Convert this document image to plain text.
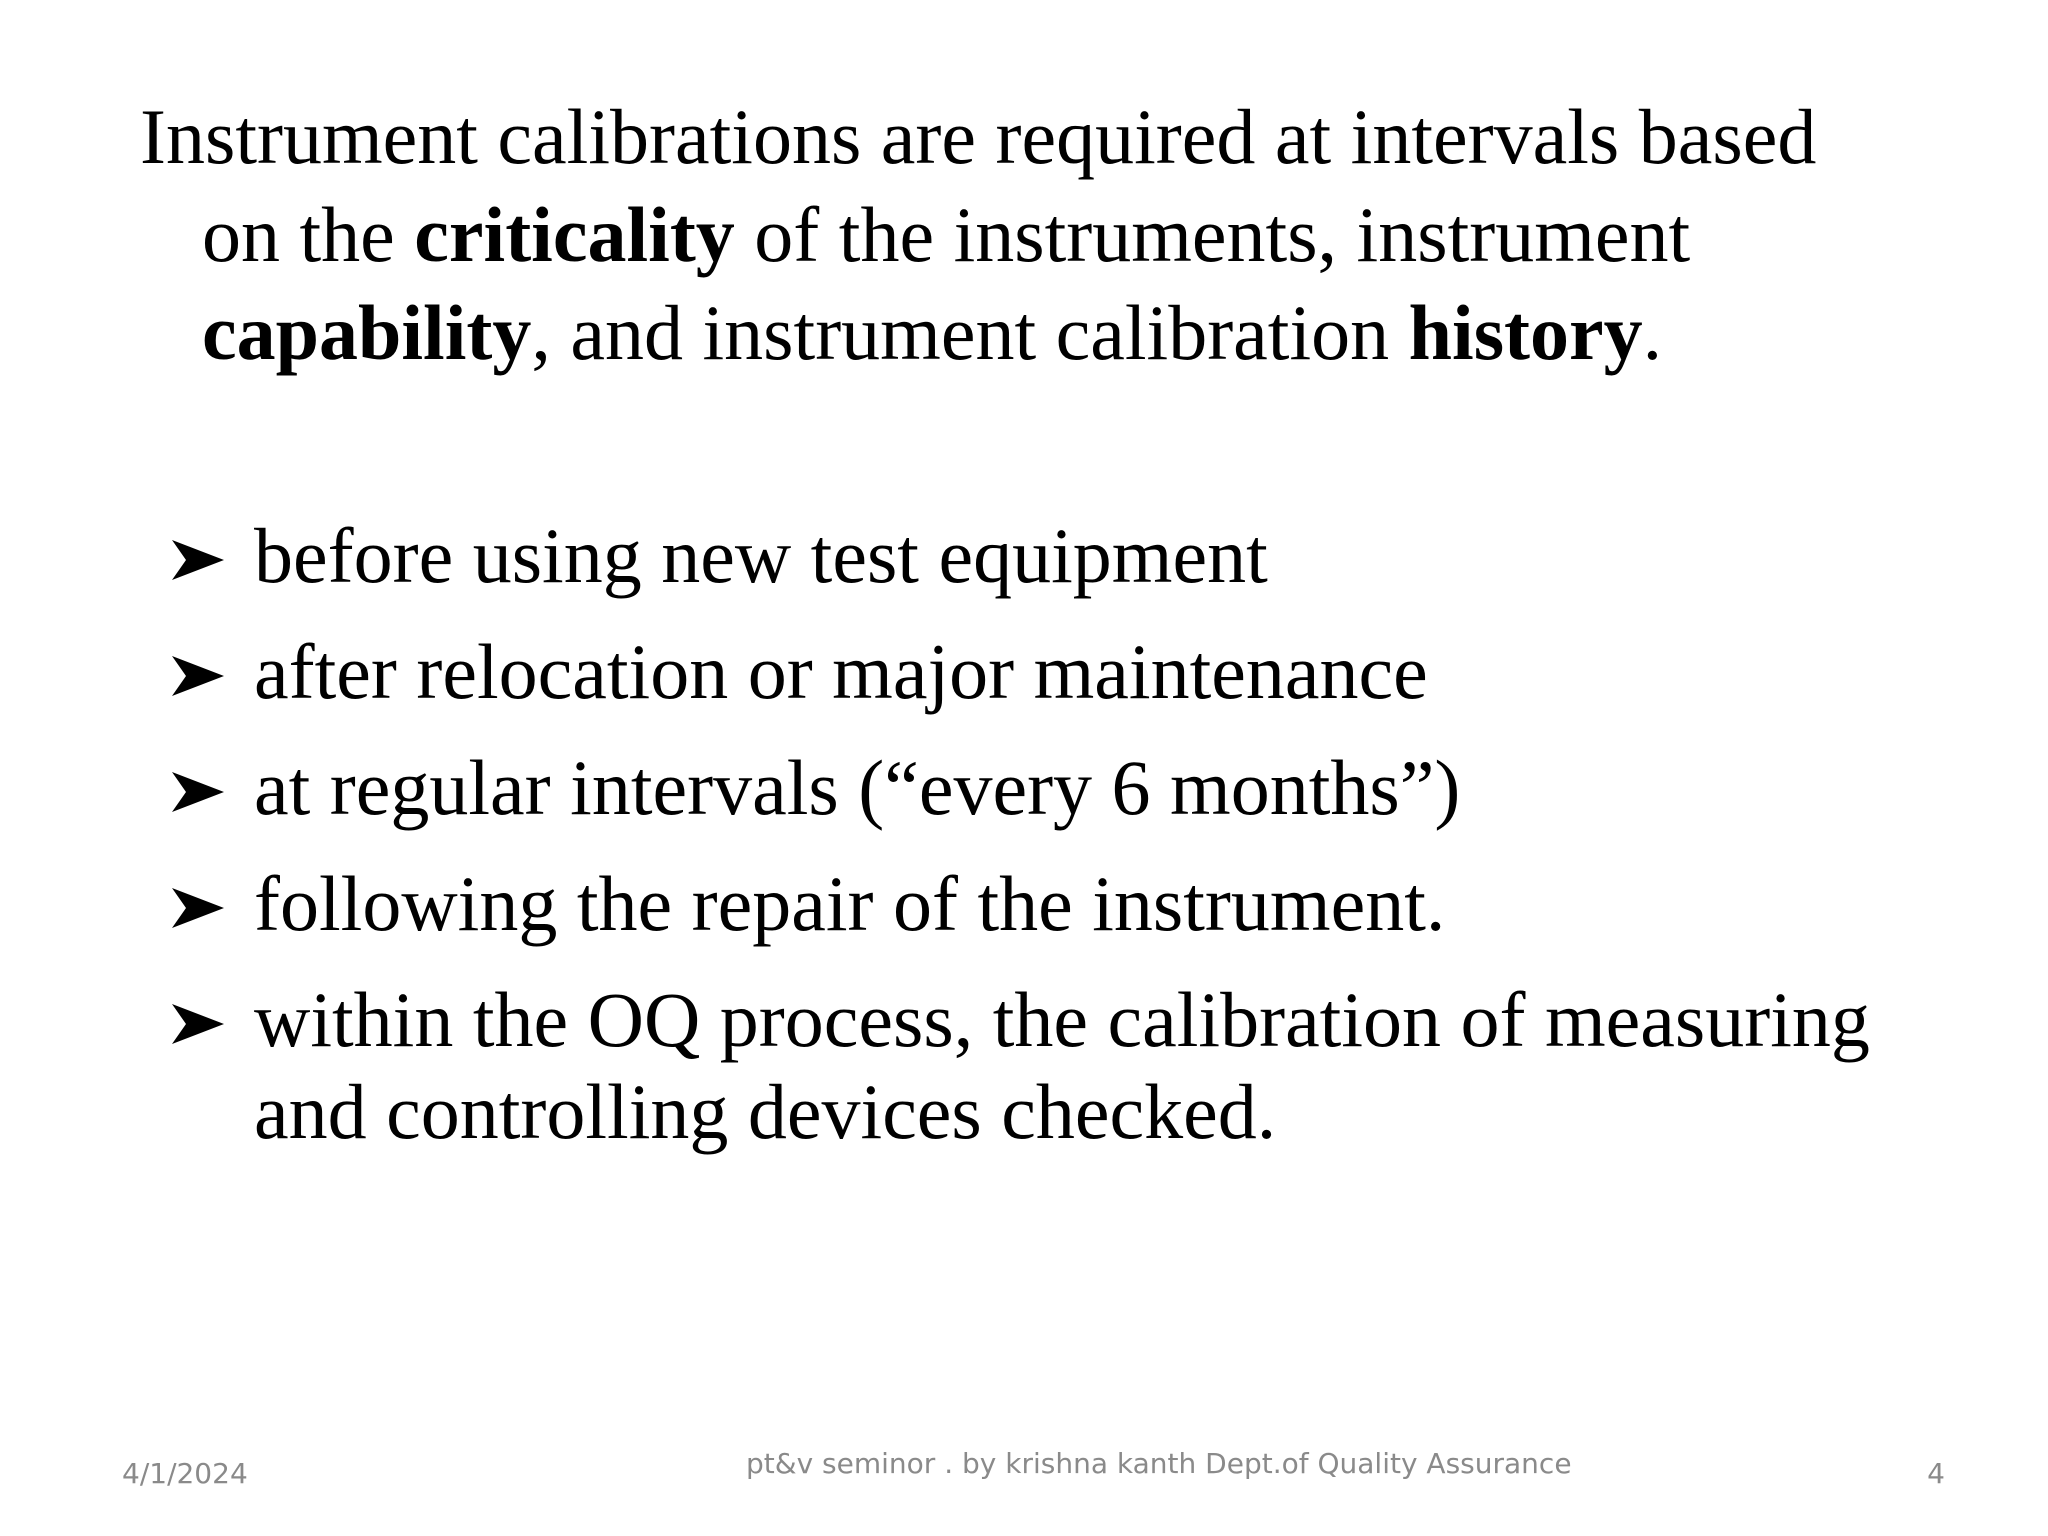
Instrument calibrations are required at intervals based
on the criticality of the instruments, instrument
capability, and instrument calibration history.
before using new test equipment
after relocation or major maintenance
at regular intervals (“every 6 months”)
following the repair of the instrument.
within the OQ process, the calibration of measuring
and controlling devices checked.
4/1/2024	pt&v seminor . by krishna kanth Dept.of Quality Assurance	4
